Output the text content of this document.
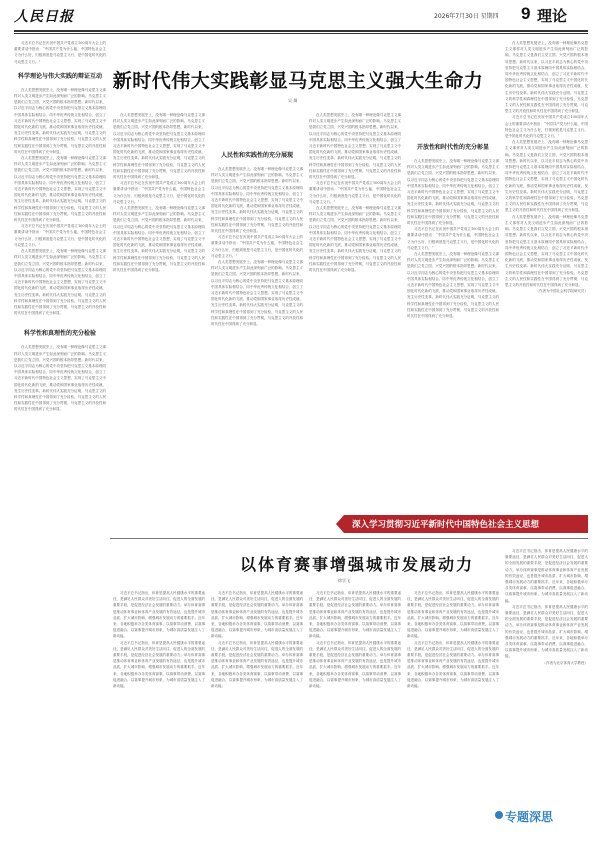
人民日报	2026年7月30日 星期四 9 理论
新时代伟大实践彰显马克思主义强大生命力
吴 炯

习近平总书记在庆祝中国共产党成立100周年大会上的重要讲话中指出：“中国共产党为什么能，中国特色社会主义为什么好，归根到底是马克思主义行，是中国化时代化的马克思主义行。”

科学理论与伟大实践的辩证互动

在人类思想发展史上，没有哪一种理论像马克思主义那样对人类文明进步产生如此深刻而广泛的影响。马克思主义是我们立党立国、兴党兴国的根本指导思想。新时代以来，以习近平同志为核心的党中央坚持把马克思主义基本原理同中国具体实际相结合、同中华优秀传统文化相结合，创立了习近平新时代中国特色社会主义思想，实现了马克思主义中国化时代化新的飞跃，推动党和国家事业取得历史性成就、发生历史性变革。新时代伟大实践充分证明，马克思主义的科学性和真理性在中国得到了充分检验，马克思主义的人民性和实践性在中国得到了充分贯彻，马克思主义的开放性和时代性在中国得到了充分彰显。

在人类思想发展史上，没有哪一种理论像马克思主义那样对人类文明进步产生如此深刻而广泛的影响。马克思主义是我们立党立国、兴党兴国的根本指导思想。新时代以来，以习近平同志为核心的党中央坚持把马克思主义基本原理同中国具体实际相结合、同中华优秀传统文化相结合，创立了习近平新时代中国特色社会主义思想，实现了马克思主义中国化时代化新的飞跃，推动党和国家事业取得历史性成就、发生历史性变革。新时代伟大实践充分证明，马克思主义的科学性和真理性在中国得到了充分检验，马克思主义的人民性和实践性在中国得到了充分贯彻，马克思主义的开放性和时代性在中国得到了充分彰显。

习近平总书记在庆祝中国共产党成立100周年大会上的重要讲话中指出：“中国共产党为什么能，中国特色社会主义为什么好，归根到底是马克思主义行，是中国化时代化的马克思主义行。”

在人类思想发展史上，没有哪一种理论像马克思主义那样对人类文明进步产生如此深刻而广泛的影响。马克思主义是我们立党立国、兴党兴国的根本指导思想。新时代以来，以习近平同志为核心的党中央坚持把马克思主义基本原理同中国具体实际相结合、同中华优秀传统文化相结合，创立了习近平新时代中国特色社会主义思想，实现了马克思主义中国化时代化新的飞跃，推动党和国家事业取得历史性成就、发生历史性变革。新时代伟大实践充分证明，马克思主义的科学性和真理性在中国得到了充分检验，马克思主义的人民性和实践性在中国得到了充分贯彻，马克思主义的开放性和时代性在中国得到了充分彰显。

科学性和真理性的充分检验

在人类思想发展史上，没有哪一种理论像马克思主义那样对人类文明进步产生如此深刻而广泛的影响。马克思主义是我们立党立国、兴党兴国的根本指导思想。新时代以来，以习近平同志为核心的党中央坚持把马克思主义基本原理同中国具体实际相结合、同中华优秀传统文化相结合，创立了习近平新时代中国特色社会主义思想，实现了马克思主义中国化时代化新的飞跃，推动党和国家事业取得历史性成就、发生历史性变革。新时代伟大实践充分证明，马克思主义的科学性和真理性在中国得到了充分检验，马克思主义的人民性和实践性在中国得到了充分贯彻，马克思主义的开放性和时代性在中国得到了充分彰显。

在人类思想发展史上，没有哪一种理论像马克思主义那样对人类文明进步产生如此深刻而广泛的影响。马克思主义是我们立党立国、兴党兴国的根本指导思想。新时代以来，以习近平同志为核心的党中央坚持把马克思主义基本原理同中国具体实际相结合、同中华优秀传统文化相结合，创立了习近平新时代中国特色社会主义思想，实现了马克思主义中国化时代化新的飞跃，推动党和国家事业取得历史性成就、发生历史性变革。新时代伟大实践充分证明，马克思主义的科学性和真理性在中国得到了充分检验，马克思主义的人民性和实践性在中国得到了充分贯彻，马克思主义的开放性和时代性在中国得到了充分彰显。

习近平总书记在庆祝中国共产党成立100周年大会上的重要讲话中指出：“中国共产党为什么能，中国特色社会主义为什么好，归根到底是马克思主义行，是中国化时代化的马克思主义行。”

在人类思想发展史上，没有哪一种理论像马克思主义那样对人类文明进步产生如此深刻而广泛的影响。马克思主义是我们立党立国、兴党兴国的根本指导思想。新时代以来，以习近平同志为核心的党中央坚持把马克思主义基本原理同中国具体实际相结合、同中华优秀传统文化相结合，创立了习近平新时代中国特色社会主义思想，实现了马克思主义中国化时代化新的飞跃，推动党和国家事业取得历史性成就、发生历史性变革。新时代伟大实践充分证明，马克思主义的科学性和真理性在中国得到了充分检验，马克思主义的人民性和实践性在中国得到了充分贯彻，马克思主义的开放性和时代性在中国得到了充分彰显。

人民性和实践性的充分展现

在人类思想发展史上，没有哪一种理论像马克思主义那样对人类文明进步产生如此深刻而广泛的影响。马克思主义是我们立党立国、兴党兴国的根本指导思想。新时代以来，以习近平同志为核心的党中央坚持把马克思主义基本原理同中国具体实际相结合、同中华优秀传统文化相结合，创立了习近平新时代中国特色社会主义思想，实现了马克思主义中国化时代化新的飞跃，推动党和国家事业取得历史性成就、发生历史性变革。新时代伟大实践充分证明，马克思主义的科学性和真理性在中国得到了充分检验，马克思主义的人民性和实践性在中国得到了充分贯彻，马克思主义的开放性和时代性在中国得到了充分彰显。

习近平总书记在庆祝中国共产党成立100周年大会上的重要讲话中指出：“中国共产党为什么能，中国特色社会主义为什么好，归根到底是马克思主义行，是中国化时代化的马克思主义行。”

在人类思想发展史上，没有哪一种理论像马克思主义那样对人类文明进步产生如此深刻而广泛的影响。马克思主义是我们立党立国、兴党兴国的根本指导思想。新时代以来，以习近平同志为核心的党中央坚持把马克思主义基本原理同中国具体实际相结合、同中华优秀传统文化相结合，创立了习近平新时代中国特色社会主义思想，实现了马克思主义中国化时代化新的飞跃，推动党和国家事业取得历史性成就、发生历史性变革。新时代伟大实践充分证明，马克思主义的科学性和真理性在中国得到了充分检验，马克思主义的人民性和实践性在中国得到了充分贯彻，马克思主义的开放性和时代性在中国得到了充分彰显。

在人类思想发展史上，没有哪一种理论像马克思主义那样对人类文明进步产生如此深刻而广泛的影响。马克思主义是我们立党立国、兴党兴国的根本指导思想。新时代以来，以习近平同志为核心的党中央坚持把马克思主义基本原理同中国具体实际相结合、同中华优秀传统文化相结合，创立了习近平新时代中国特色社会主义思想，实现了马克思主义中国化时代化新的飞跃，推动党和国家事业取得历史性成就、发生历史性变革。新时代伟大实践充分证明，马克思主义的科学性和真理性在中国得到了充分检验，马克思主义的人民性和实践性在中国得到了充分贯彻，马克思主义的开放性和时代性在中国得到了充分彰显。

习近平总书记在庆祝中国共产党成立100周年大会上的重要讲话中指出：“中国共产党为什么能，中国特色社会主义为什么好，归根到底是马克思主义行，是中国化时代化的马克思主义行。”

在人类思想发展史上，没有哪一种理论像马克思主义那样对人类文明进步产生如此深刻而广泛的影响。马克思主义是我们立党立国、兴党兴国的根本指导思想。新时代以来，以习近平同志为核心的党中央坚持把马克思主义基本原理同中国具体实际相结合、同中华优秀传统文化相结合，创立了习近平新时代中国特色社会主义思想，实现了马克思主义中国化时代化新的飞跃，推动党和国家事业取得历史性成就、发生历史性变革。新时代伟大实践充分证明，马克思主义的科学性和真理性在中国得到了充分检验，马克思主义的人民性和实践性在中国得到了充分贯彻，马克思主义的开放性和时代性在中国得到了充分彰显。

开放性和时代性的充分彰显

在人类思想发展史上，没有哪一种理论像马克思主义那样对人类文明进步产生如此深刻而广泛的影响。马克思主义是我们立党立国、兴党兴国的根本指导思想。新时代以来，以习近平同志为核心的党中央坚持把马克思主义基本原理同中国具体实际相结合、同中华优秀传统文化相结合，创立了习近平新时代中国特色社会主义思想，实现了马克思主义中国化时代化新的飞跃，推动党和国家事业取得历史性成就、发生历史性变革。新时代伟大实践充分证明，马克思主义的科学性和真理性在中国得到了充分检验，马克思主义的人民性和实践性在中国得到了充分贯彻，马克思主义的开放性和时代性在中国得到了充分彰显。

习近平总书记在庆祝中国共产党成立100周年大会上的重要讲话中指出：“中国共产党为什么能，中国特色社会主义为什么好，归根到底是马克思主义行，是中国化时代化的马克思主义行。”

在人类思想发展史上，没有哪一种理论像马克思主义那样对人类文明进步产生如此深刻而广泛的影响。马克思主义是我们立党立国、兴党兴国的根本指导思想。新时代以来，以习近平同志为核心的党中央坚持把马克思主义基本原理同中国具体实际相结合、同中华优秀传统文化相结合，创立了习近平新时代中国特色社会主义思想，实现了马克思主义中国化时代化新的飞跃，推动党和国家事业取得历史性成就、发生历史性变革。新时代伟大实践充分证明，马克思主义的科学性和真理性在中国得到了充分检验，马克思主义的人民性和实践性在中国得到了充分贯彻，马克思主义的开放性和时代性在中国得到了充分彰显。

在人类思想发展史上，没有哪一种理论像马克思主义那样对人类文明进步产生如此深刻而广泛的影响。马克思主义是我们立党立国、兴党兴国的根本指导思想。新时代以来，以习近平同志为核心的党中央坚持把马克思主义基本原理同中国具体实际相结合、同中华优秀传统文化相结合，创立了习近平新时代中国特色社会主义思想，实现了马克思主义中国化时代化新的飞跃，推动党和国家事业取得历史性成就、发生历史性变革。新时代伟大实践充分证明，马克思主义的科学性和真理性在中国得到了充分检验，马克思主义的人民性和实践性在中国得到了充分贯彻，马克思主义的开放性和时代性在中国得到了充分彰显。

习近平总书记在庆祝中国共产党成立100周年大会上的重要讲话中指出：“中国共产党为什么能，中国特色社会主义为什么好，归根到底是马克思主义行，是中国化时代化的马克思主义行。”

在人类思想发展史上，没有哪一种理论像马克思主义那样对人类文明进步产生如此深刻而广泛的影响。马克思主义是我们立党立国、兴党兴国的根本指导思想。新时代以来，以习近平同志为核心的党中央坚持把马克思主义基本原理同中国具体实际相结合、同中华优秀传统文化相结合，创立了习近平新时代中国特色社会主义思想，实现了马克思主义中国化时代化新的飞跃，推动党和国家事业取得历史性成就、发生历史性变革。新时代伟大实践充分证明，马克思主义的科学性和真理性在中国得到了充分检验，马克思主义的人民性和实践性在中国得到了充分贯彻，马克思主义的开放性和时代性在中国得到了充分彰显。

在人类思想发展史上，没有哪一种理论像马克思主义那样对人类文明进步产生如此深刻而广泛的影响。马克思主义是我们立党立国、兴党兴国的根本指导思想。新时代以来，以习近平同志为核心的党中央坚持把马克思主义基本原理同中国具体实际相结合、同中华优秀传统文化相结合，创立了习近平新时代中国特色社会主义思想，实现了马克思主义中国化时代化新的飞跃，推动党和国家事业取得历史性成就、发生历史性变革。新时代伟大实践充分证明，马克思主义的科学性和真理性在中国得到了充分检验，马克思主义的人民性和实践性在中国得到了充分贯彻，马克思主义的开放性和时代性在中国得到了充分彰显。

（作者为中国社会科学院研究员）

深入学习贯彻习近平新时代中国特色社会主义思想
以体育赛事增强城市发展动力
徐学飞

习近平总书记指出，体育是提高人民健康水平的重要途径，是满足人民群众对美好生活向往、促进人的全面发展的重要手段，是促进经济社会发展的重要动力。举办体育赛事是推动体育事业和体育产业发展的有效途径，也是提升城市品质、扩大城市影响、增强城市发展动力的重要抓手。近年来，各地积极举办各类体育赛事，以赛事带动消费、以赛事促进融合、以赛事提升城市形象，为城市高质量发展注入了新动能。

习近平总书记指出，体育是提高人民健康水平的重要途径，是满足人民群众对美好生活向往、促进人的全面发展的重要手段，是促进经济社会发展的重要动力。举办体育赛事是推动体育事业和体育产业发展的有效途径，也是提升城市品质、扩大城市影响、增强城市发展动力的重要抓手。近年来，各地积极举办各类体育赛事，以赛事带动消费、以赛事促进融合、以赛事提升城市形象，为城市高质量发展注入了新动能。

习近平总书记指出，体育是提高人民健康水平的重要途径，是满足人民群众对美好生活向往、促进人的全面发展的重要手段，是促进经济社会发展的重要动力。举办体育赛事是推动体育事业和体育产业发展的有效途径，也是提升城市品质、扩大城市影响、增强城市发展动力的重要抓手。近年来，各地积极举办各类体育赛事，以赛事带动消费、以赛事促进融合、以赛事提升城市形象，为城市高质量发展注入了新动能。

习近平总书记指出，体育是提高人民健康水平的重要途径，是满足人民群众对美好生活向往、促进人的全面发展的重要手段，是促进经济社会发展的重要动力。举办体育赛事是推动体育事业和体育产业发展的有效途径，也是提升城市品质、扩大城市影响、增强城市发展动力的重要抓手。近年来，各地积极举办各类体育赛事，以赛事带动消费、以赛事促进融合、以赛事提升城市形象，为城市高质量发展注入了新动能。

习近平总书记指出，体育是提高人民健康水平的重要途径，是满足人民群众对美好生活向往、促进人的全面发展的重要手段，是促进经济社会发展的重要动力。举办体育赛事是推动体育事业和体育产业发展的有效途径，也是提升城市品质、扩大城市影响、增强城市发展动力的重要抓手。近年来，各地积极举办各类体育赛事，以赛事带动消费、以赛事促进融合、以赛事提升城市形象，为城市高质量发展注入了新动能。

习近平总书记指出，体育是提高人民健康水平的重要途径，是满足人民群众对美好生活向往、促进人的全面发展的重要手段，是促进经济社会发展的重要动力。举办体育赛事是推动体育事业和体育产业发展的有效途径，也是提升城市品质、扩大城市影响、增强城市发展动力的重要抓手。近年来，各地积极举办各类体育赛事，以赛事带动消费、以赛事促进融合、以赛事提升城市形象，为城市高质量发展注入了新动能。

习近平总书记指出，体育是提高人民健康水平的重要途径，是满足人民群众对美好生活向往、促进人的全面发展的重要手段，是促进经济社会发展的重要动力。举办体育赛事是推动体育事业和体育产业发展的有效途径，也是提升城市品质、扩大城市影响、增强城市发展动力的重要抓手。近年来，各地积极举办各类体育赛事，以赛事带动消费、以赛事促进融合、以赛事提升城市形象，为城市高质量发展注入了新动能。

习近平总书记指出，体育是提高人民健康水平的重要途径，是满足人民群众对美好生活向往、促进人的全面发展的重要手段，是促进经济社会发展的重要动力。举办体育赛事是推动体育事业和体育产业发展的有效途径，也是提升城市品质、扩大城市影响、增强城市发展动力的重要抓手。近年来，各地积极举办各类体育赛事，以赛事带动消费、以赛事促进融合、以赛事提升城市形象，为城市高质量发展注入了新动能。

习近平总书记指出，体育是提高人民健康水平的重要途径，是满足人民群众对美好生活向往、促进人的全面发展的重要手段，是促进经济社会发展的重要动力。举办体育赛事是推动体育事业和体育产业发展的有效途径，也是提升城市品质、扩大城市影响、增强城市发展动力的重要抓手。近年来，各地积极举办各类体育赛事，以赛事带动消费、以赛事促进融合、以赛事提升城市形象，为城市高质量发展注入了新动能。

习近平总书记指出，体育是提高人民健康水平的重要途径，是满足人民群众对美好生活向往、促进人的全面发展的重要手段，是促进经济社会发展的重要动力。举办体育赛事是推动体育事业和体育产业发展的有效途径，也是提升城市品质、扩大城市影响、增强城市发展动力的重要抓手。近年来，各地积极举办各类体育赛事，以赛事带动消费、以赛事促进融合、以赛事提升城市形象，为城市高质量发展注入了新动能。

（作者为北京体育大学教授）

专题深思
